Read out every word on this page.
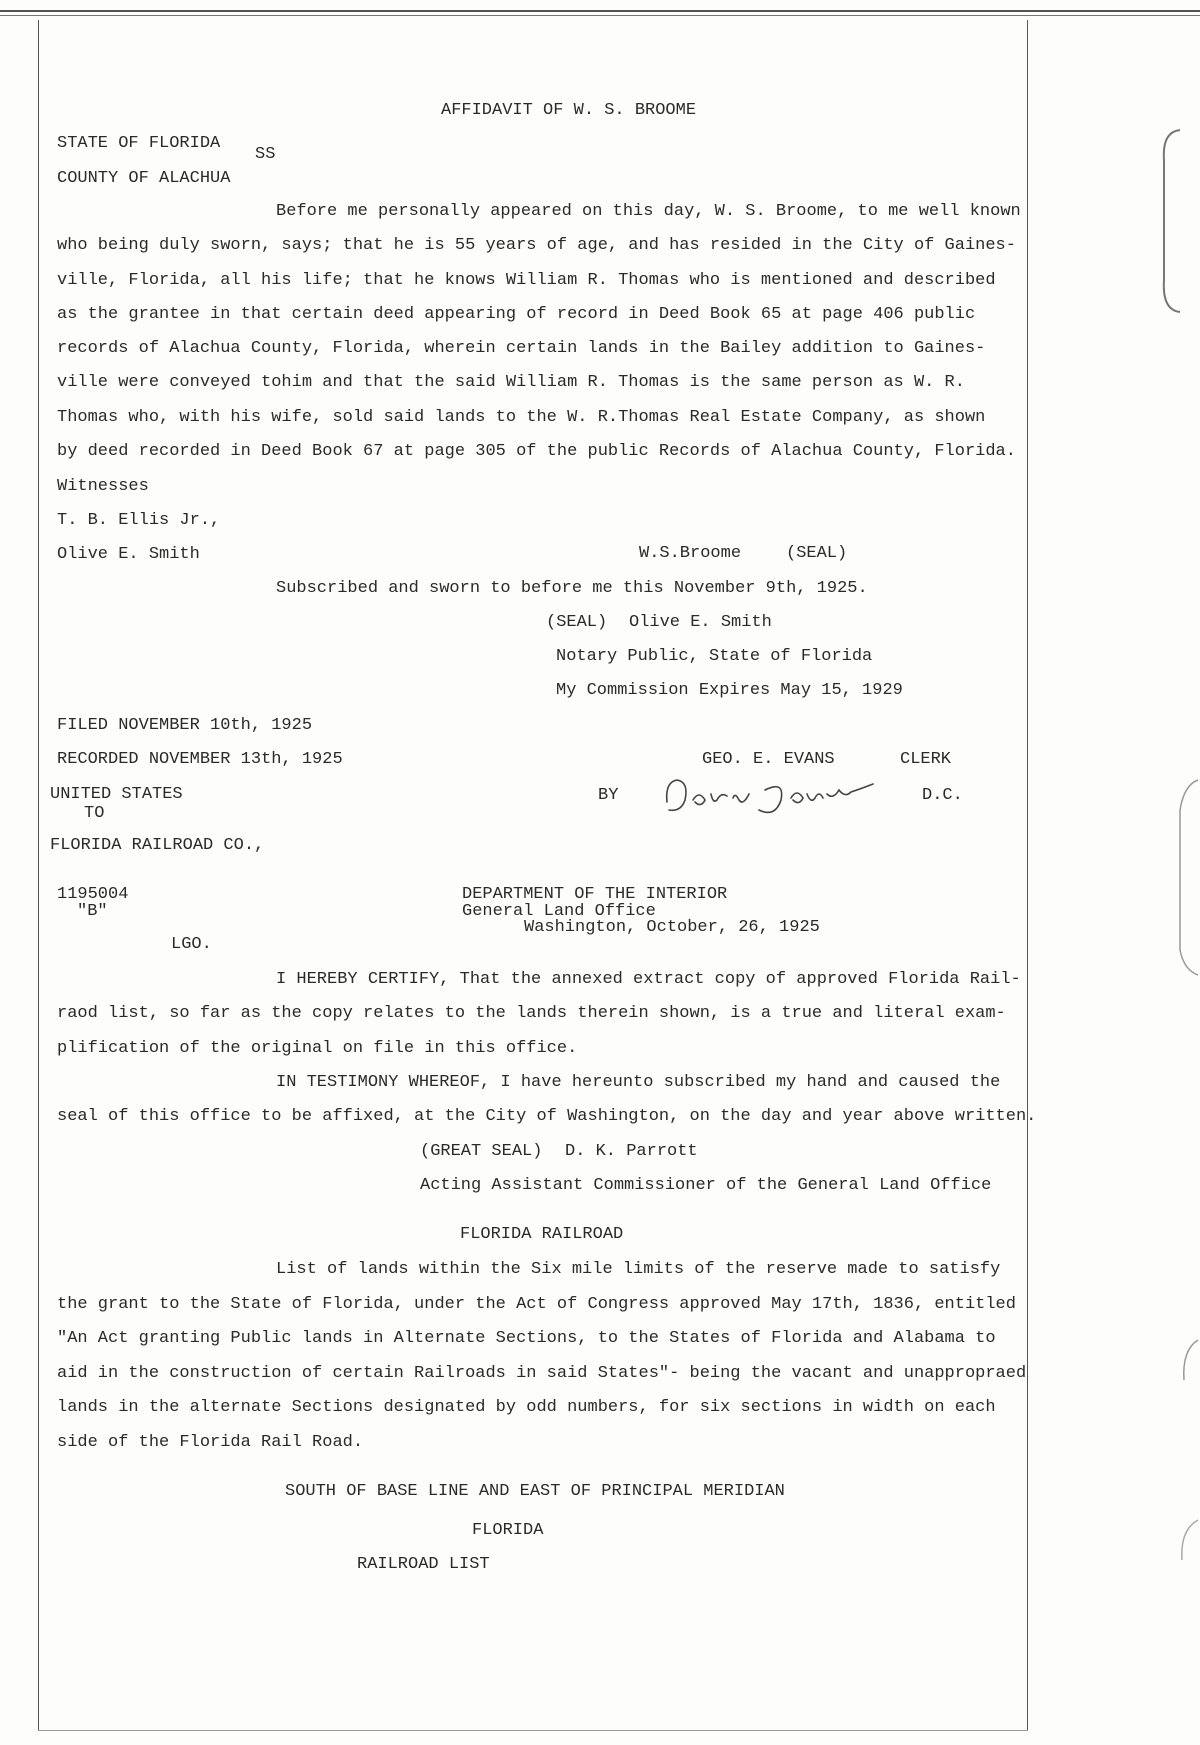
AFFIDAVIT OF W. S. BROOME
STATE OF FLORIDA
SS
COUNTY OF ALACHUA
Before me personally appeared on this day, W. S. Broome, to me well known
who being duly sworn, says; that he is 55 years of age, and has resided in the City of Gaines-
ville, Florida, all his life; that he knows William R. Thomas who is mentioned and described
as the grantee in that certain deed appearing of record in Deed Book 65 at page 406 public
records of Alachua County, Florida, wherein certain lands in the Bailey addition to Gaines-
ville were conveyed tohim and that the said William R. Thomas is the same person as W. R.
Thomas who, with his wife, sold said lands to the W. R.Thomas Real Estate Company, as shown
by deed recorded in Deed Book 67 at page 305 of the public Records of Alachua County, Florida.
Witnesses
T. B. Ellis Jr.,
Olive E. Smith	W.S.Broome	(SEAL)
Subscribed and sworn to before me this November 9th, 1925.
(SEAL) Olive E. Smith
Notary Public, State of Florida
My Commission Expires May 15, 1929
FILED NOVEMBER 10th, 1925
RECORDED NOVEMBER 13th, 1925	GEO. E. EVANS	CLERK
BY	D.C.
Doris Jones
UNITED STATES
TO
FLORIDA RAILROAD CO.,
1195004
"B"
LGO.
DEPARTMENT OF THE INTERIOR
General Land Office
Washington, October, 26, 1925
I HEREBY CERTIFY, That the annexed extract copy of approved Florida Rail-
raod list, so far as the copy relates to the lands therein shown, is a true and literal exam-
plification of the original on file in this office.
IN TESTIMONY WHEREOF, I have hereunto subscribed my hand and caused the
seal of this office to be affixed, at the City of Washington, on the day and year above written.
(GREAT SEAL) D. K. Parrott
Acting Assistant Commissioner of the General Land Office
FLORIDA RAILROAD
List of lands within the Six mile limits of the reserve made to satisfy
the grant to the State of Florida, under the Act of Congress approved May 17th, 1836, entitled
"An Act granting Public lands in Alternate Sections, to the States of Florida and Alabama to
aid in the construction of certain Railroads in said States"- being the vacant and unappropraed
lands in the alternate Sections designated by odd numbers, for six sections in width on each
side of the Florida Rail Road.
SOUTH OF BASE LINE AND EAST OF PRINCIPAL MERIDIAN
FLORIDA
RAILROAD LIST
